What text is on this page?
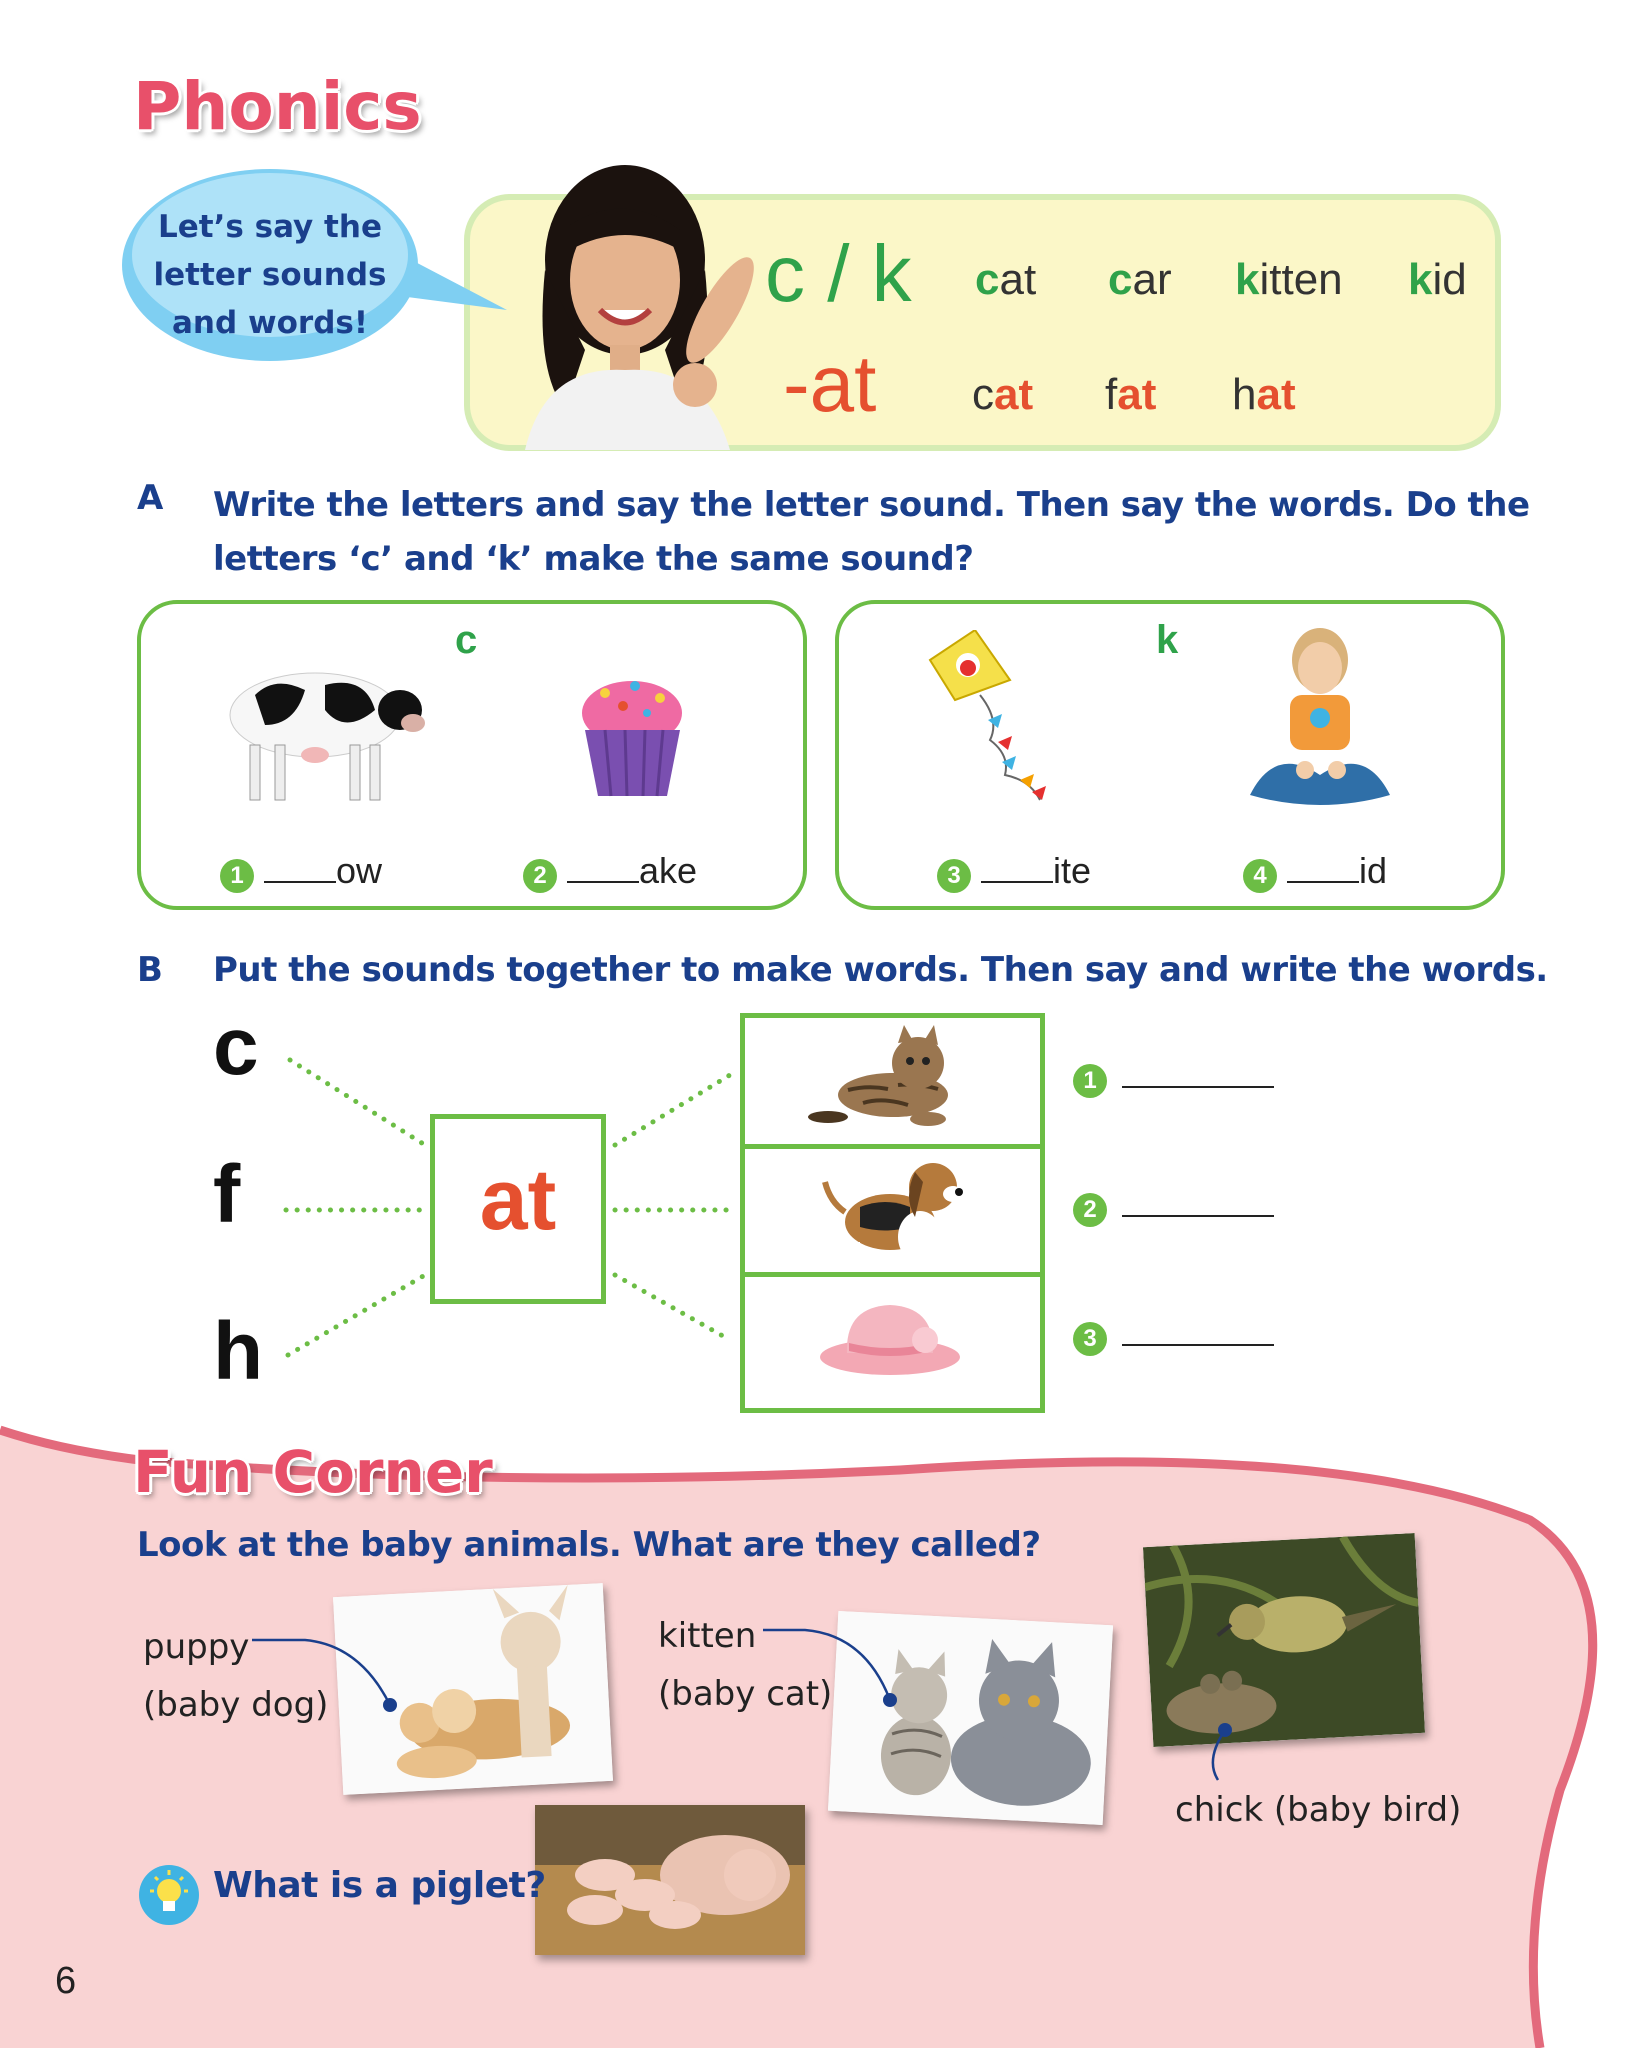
Phonics
Let’s say the
letter sounds
and words!
c / k cat car kitten kid
-at cat fat hat
A Write the letters and say the letter sound. Then say the words. Do the
letters ‘c’ and ‘k’ make the same sound?
c
1	ow	2	ake
k
3	ite	4	id
B Put the sounds together to make words. Then say and write the words.
c
f
h
at
1
2
3
Fun Corner
Look at the baby animals. What are they called?
puppy
(baby dog)
kitten
(baby cat)
chick (baby bird)
What is a piglet?
6
